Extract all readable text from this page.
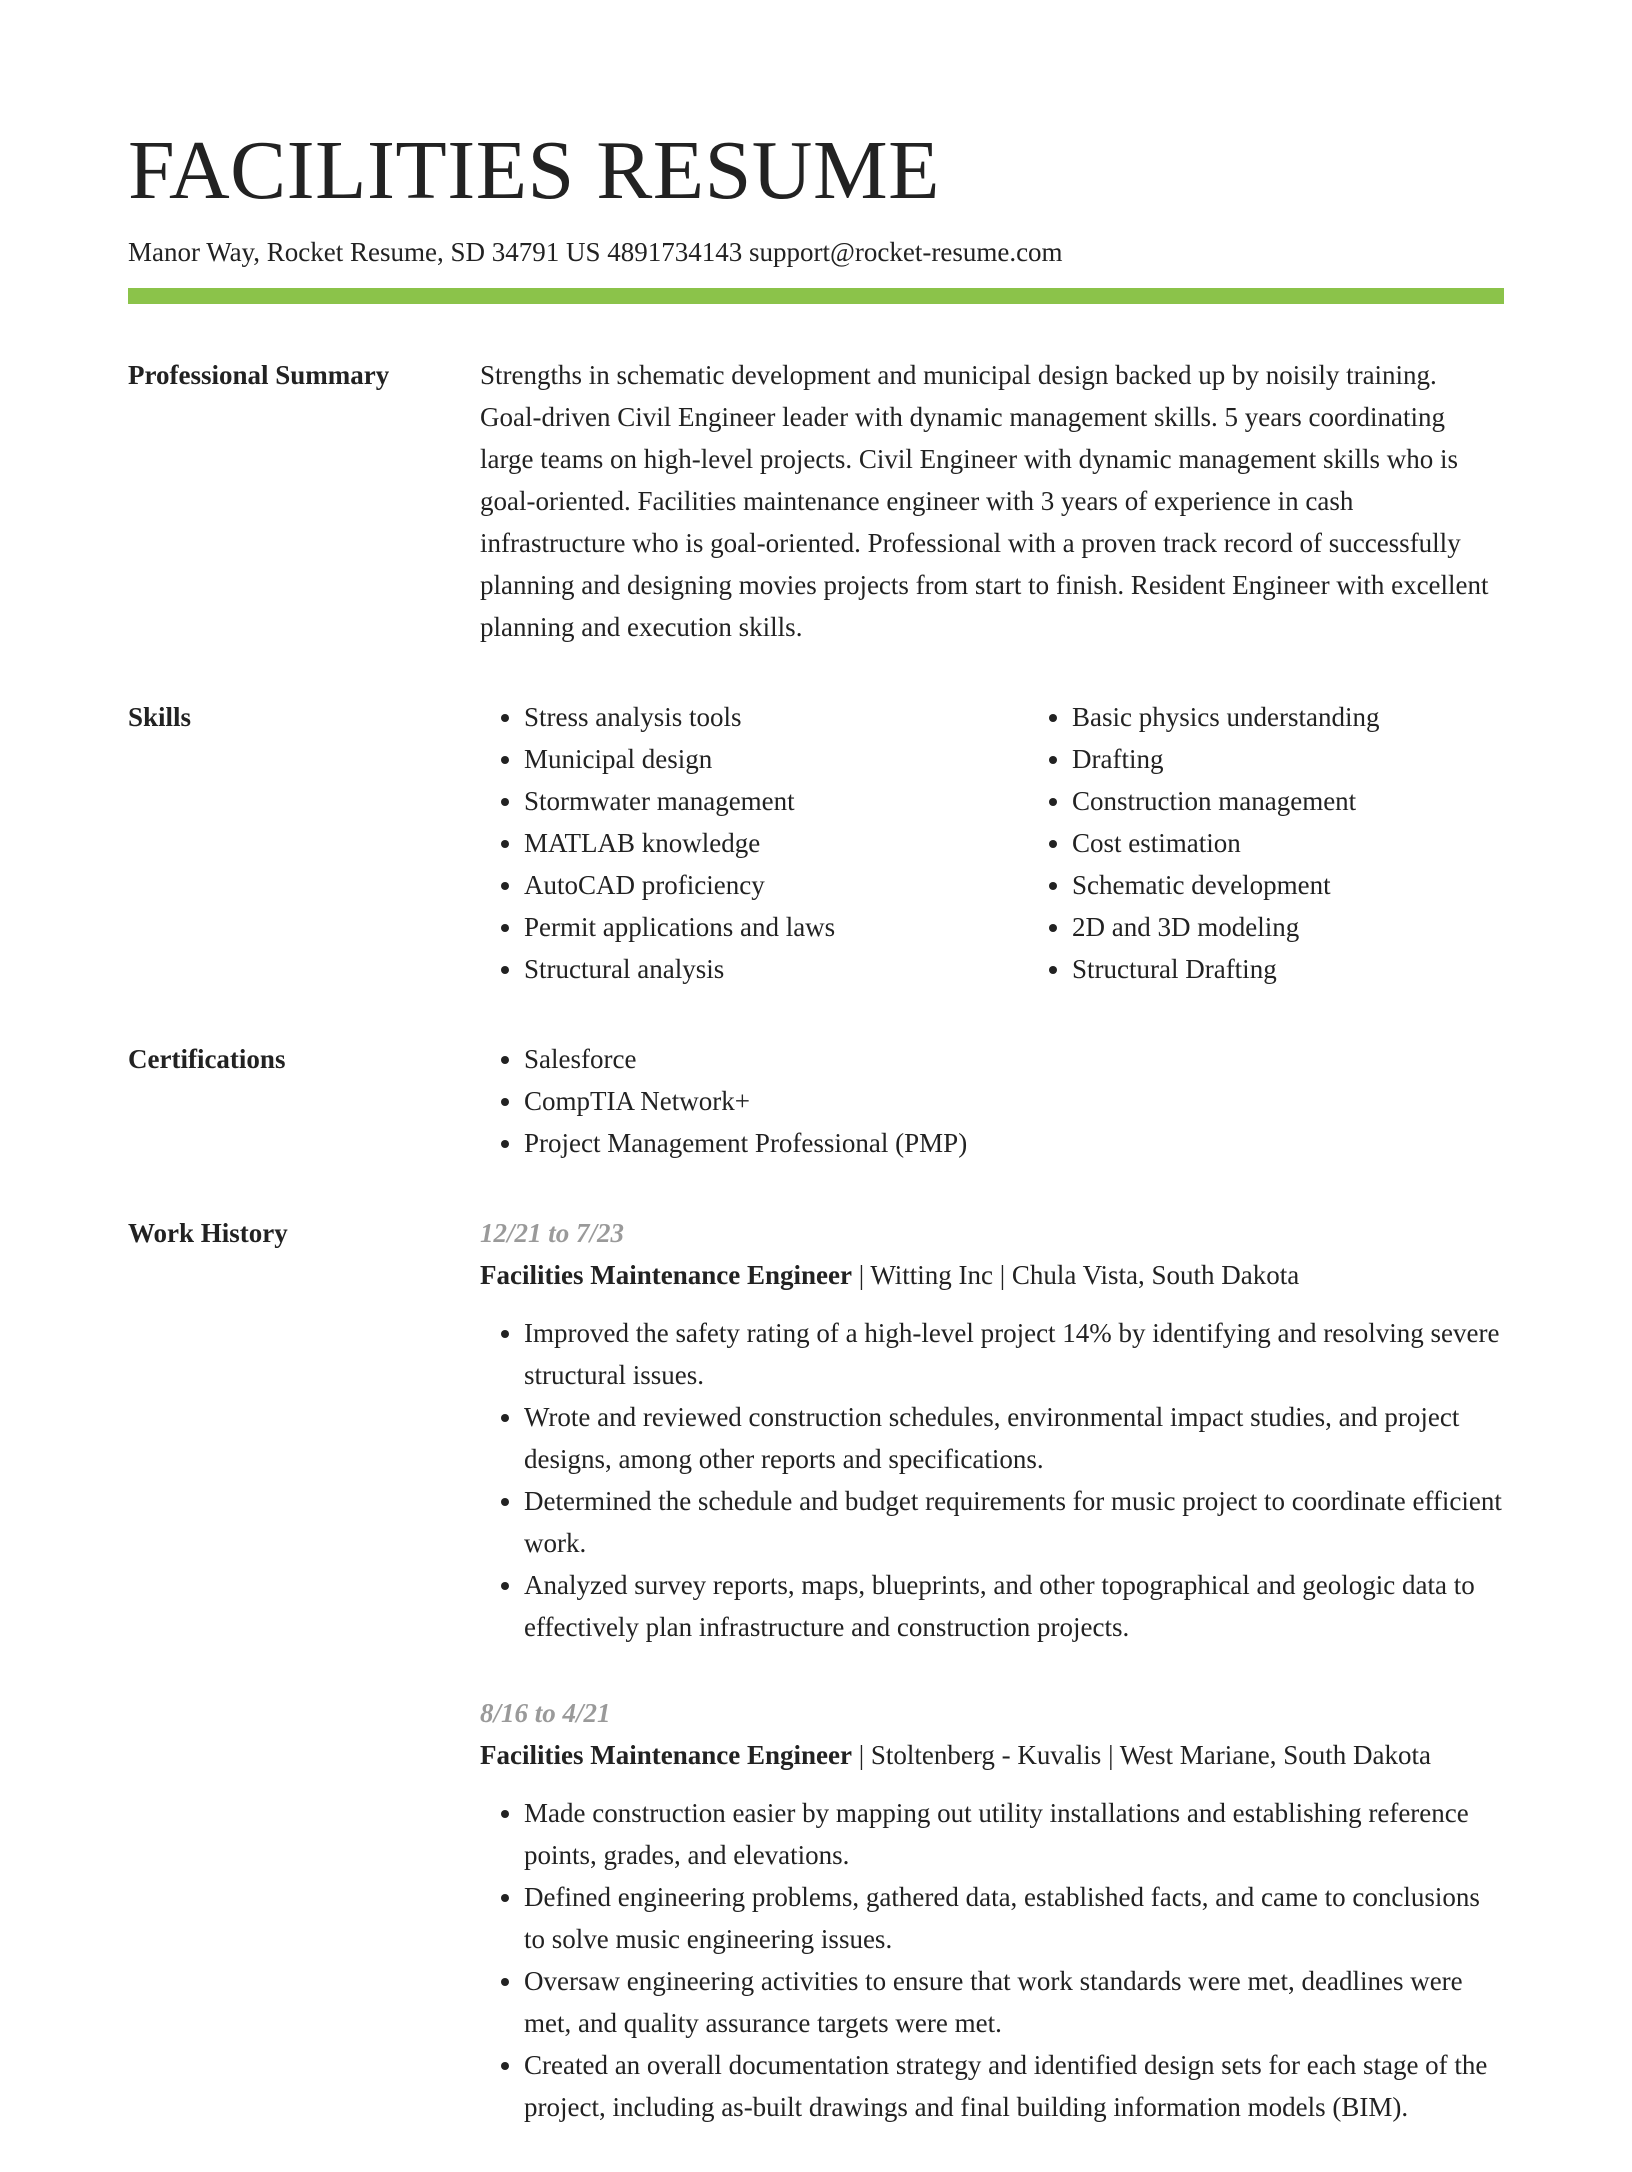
FACILITIES RESUME
Manor Way, Rocket Resume, SD 34791 US 4891734143 support@rocket-resume.com
Professional Summary	Strengths in schematic development and municipal design backed up by noisily training. Goal-driven Civil Engineer leader with dynamic management skills. 5 years coordinating large teams on high-level projects. Civil Engineer with dynamic management skills who is goal-oriented. Facilities maintenance engineer with 3 years of experience in cash infrastructure who is goal-oriented. Professional with a proven track record of successfully planning and designing movies projects from start to finish. Resident Engineer with excellent planning and execution skills.

Skills	• Stress analysis tools
• Municipal design
• Stormwater management
• MATLAB knowledge
• AutoCAD proficiency
• Permit applications and laws
• Structural analysis
• Basic physics understanding
• Drafting
• Construction management
• Cost estimation
• Schematic development
• 2D and 3D modeling
• Structural Drafting
Certifications	• Salesforce
• CompTIA Network+
• Project Management Professional (PMP)
Work History	12/21 to 7/23
Facilities Maintenance Engineer | Witting Inc | Chula Vista, South Dakota
• Improved the safety rating of a high-level project 14% by identifying and resolving severe structural issues.
• Wrote and reviewed construction schedules, environmental impact studies, and project designs, among other reports and specifications.
• Determined the schedule and budget requirements for music project to coordinate efficient work.
• Analyzed survey reports, maps, blueprints, and other topographical and geologic data to effectively plan infrastructure and construction projects.
8/16 to 4/21
Facilities Maintenance Engineer | Stoltenberg - Kuvalis | West Mariane, South Dakota
• Made construction easier by mapping out utility installations and establishing reference points, grades, and elevations.
• Defined engineering problems, gathered data, established facts, and came to conclusions to solve music engineering issues.
• Oversaw engineering activities to ensure that work standards were met, deadlines were met, and quality assurance targets were met.
• Created an overall documentation strategy and identified design sets for each stage of the project, including as-built drawings and final building information models (BIM).
